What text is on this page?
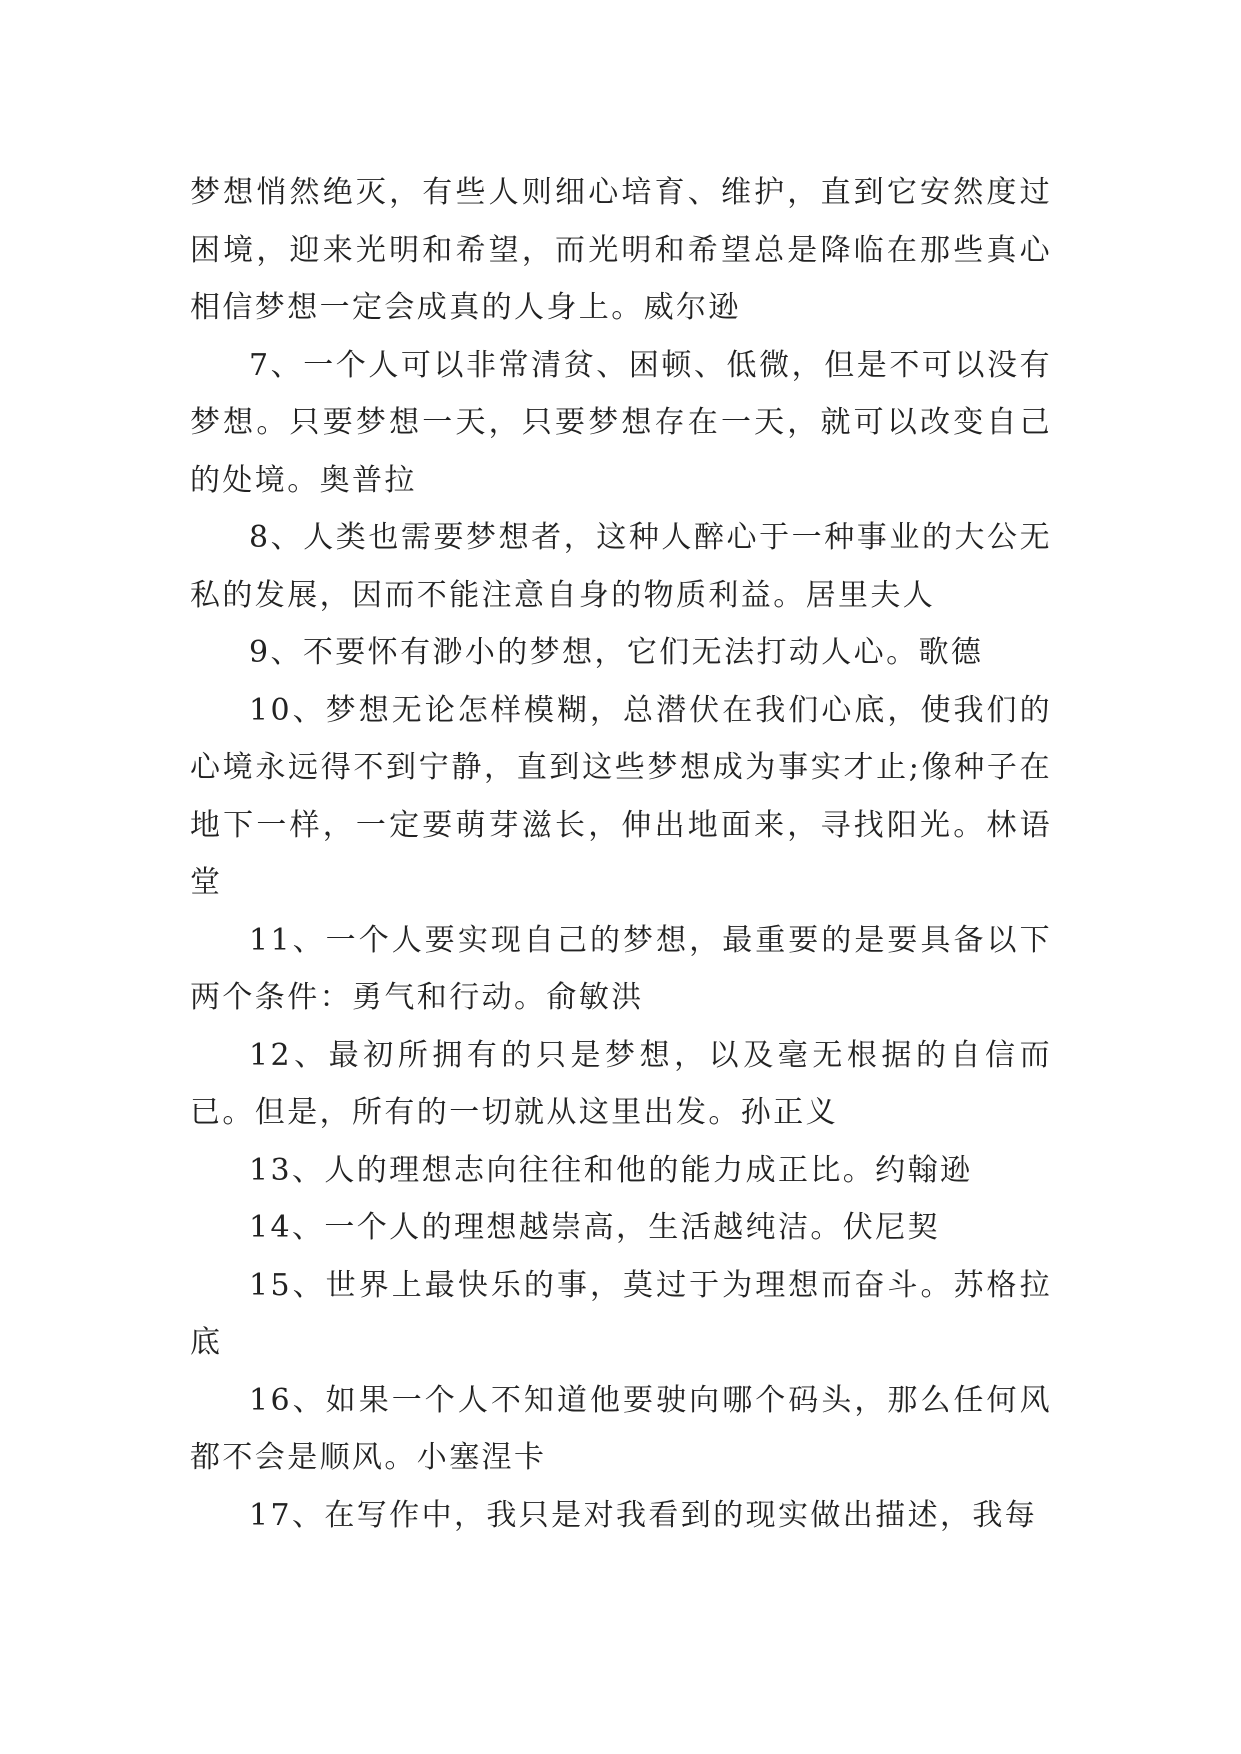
梦想悄然绝灭，有些人则细心培育、维护，直到它安然度过困境，迎来光明和希望，而光明和希望总是降临在那些真心相信梦想一定会成真的人身上。威尔逊

7、一个人可以非常清贫、困顿、低微，但是不可以没有梦想。只要梦想一天，只要梦想存在一天，就可以改变自己的处境。奥普拉

8、人类也需要梦想者，这种人醉心于一种事业的大公无私的发展，因而不能注意自身的物质利益。居里夫人

9、不要怀有渺小的梦想，它们无法打动人心。歌德

10、梦想无论怎样模糊，总潜伏在我们心底，使我们的心境永远得不到宁静，直到这些梦想成为事实才止;像种子在地下一样，一定要萌芽滋长，伸出地面来，寻找阳光。林语堂

11、一个人要实现自己的梦想，最重要的是要具备以下两个条件：勇气和行动。俞敏洪

12、最初所拥有的只是梦想，以及毫无根据的自信而已。但是，所有的一切就从这里出发。孙正义

13、人的理想志向往往和他的能力成正比。约翰逊

14、一个人的理想越崇高，生活越纯洁。伏尼契

15、世界上最快乐的事，莫过于为理想而奋斗。苏格拉底

16、如果一个人不知道他要驶向哪个码头，那么任何风都不会是顺风。小塞涅卡

17、在写作中，我只是对我看到的现实做出描述，我每
